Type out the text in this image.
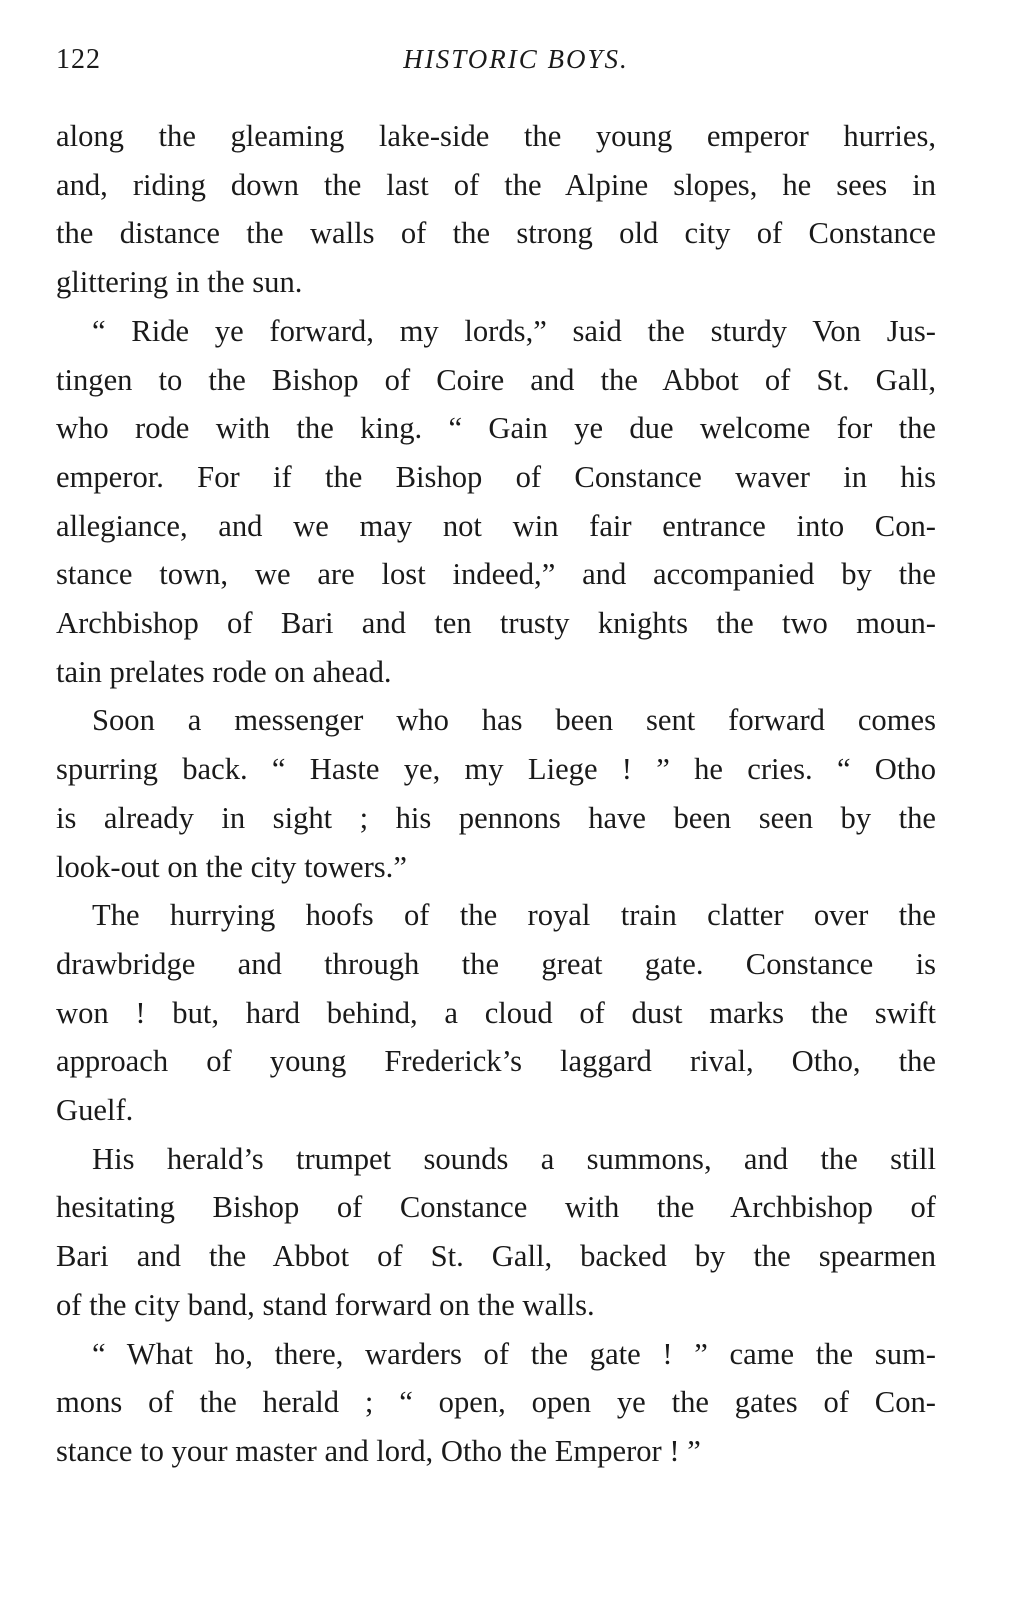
122	HISTORIC BOYS.
along the gleaming lake-side the young emperor hurries,
and, riding down the last of the Alpine slopes, he sees in
the distance the walls of the strong old city of Constance
glittering in the sun.
“ Ride ye forward, my lords,” said the sturdy Von Jus-
tingen to the Bishop of Coire and the Abbot of St. Gall,
who rode with the king. “ Gain ye due welcome for the
emperor. For if the Bishop of Constance waver in his
allegiance, and we may not win fair entrance into Con-
stance town, we are lost indeed,” and accompanied by the
Archbishop of Bari and ten trusty knights the two moun-
tain prelates rode on ahead.
Soon a messenger who has been sent forward comes
spurring back. “ Haste ye, my Liege ! ” he cries. “ Otho
is already in sight ; his pennons have been seen by the
look-out on the city towers.”
The hurrying hoofs of the royal train clatter over the
drawbridge and through the great gate. Constance is
won ! but, hard behind, a cloud of dust marks the swift
approach of young Frederick’s laggard rival, Otho, the
Guelf.
His herald’s trumpet sounds a summons, and the still
hesitating Bishop of Constance with the Archbishop of
Bari and the Abbot of St. Gall, backed by the spearmen
of the city band, stand forward on the walls.
“ What ho, there, warders of the gate ! ” came the sum-
mons of the herald ; “ open, open ye the gates of Con-
stance to your master and lord, Otho the Emperor ! ”
